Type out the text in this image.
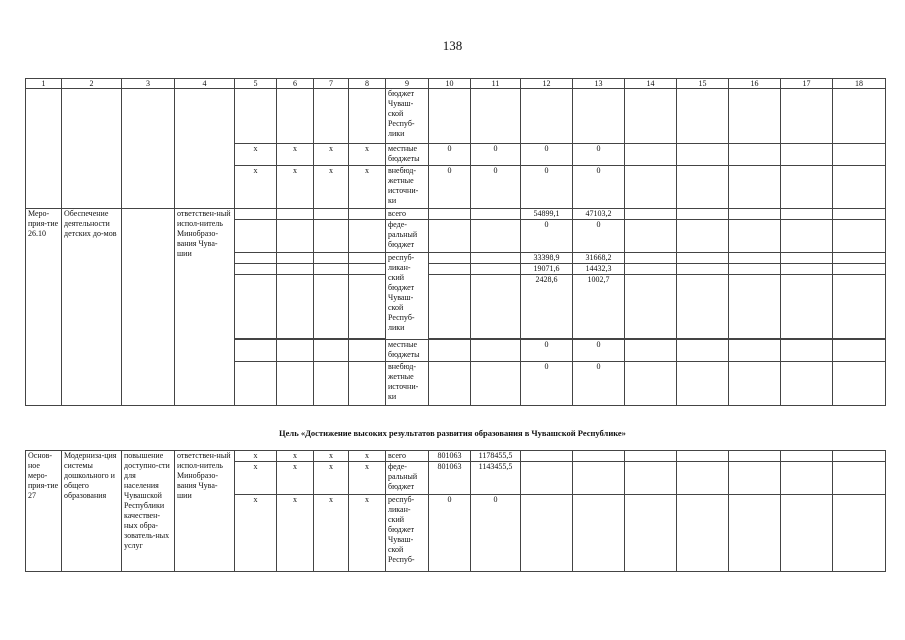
138
1	2	3	4	5	6	7	8	9	10	11	12	13	14	15	16	17	18
								бюджет Чуваш-ской Респуб-лики									
				x	x	x	x	местные бюджеты	0	0	0	0					
				x	x	x	x	внебюд-жетные источни-ки	0	0	0	0					
Меро-прия-тие 26.10	Обеспечение деятельности детских до-мов		ответствен-ный испол-нитель Минобразо-вания Чува-шии					всего			54899,1	47103,2					
								феде-ральный бюджет			0	0					
								респуб-ликан-ский бюджет Чуваш-ской Респуб-лики			33398,9	31668,2					
											19071,6	14432,3					
											2428,6	1002,7					

								местные бюджеты			0	0					
								внебюд-жетные источни-ки			0	0					
Цель «Достижение высоких результатов развития образования в Чувашской Республике»
Основ-ное меро-прия-тие 27	Модерниза-ция системы дошкольного и общего образования	повышение доступно-сти для населения Чувашской Республики качествен-ных обра-зователь-ных услуг	ответствен-ный испол-нитель Минобразо-вания Чува-шии	x	x	x	x	всего	801063	1178455,5							
				x	x	x	x	феде-ральный бюджет	801063	1143455,5							
				x	x	x	x	респуб-ликан-ский бюджет Чуваш-ской Респуб-	0	0							
